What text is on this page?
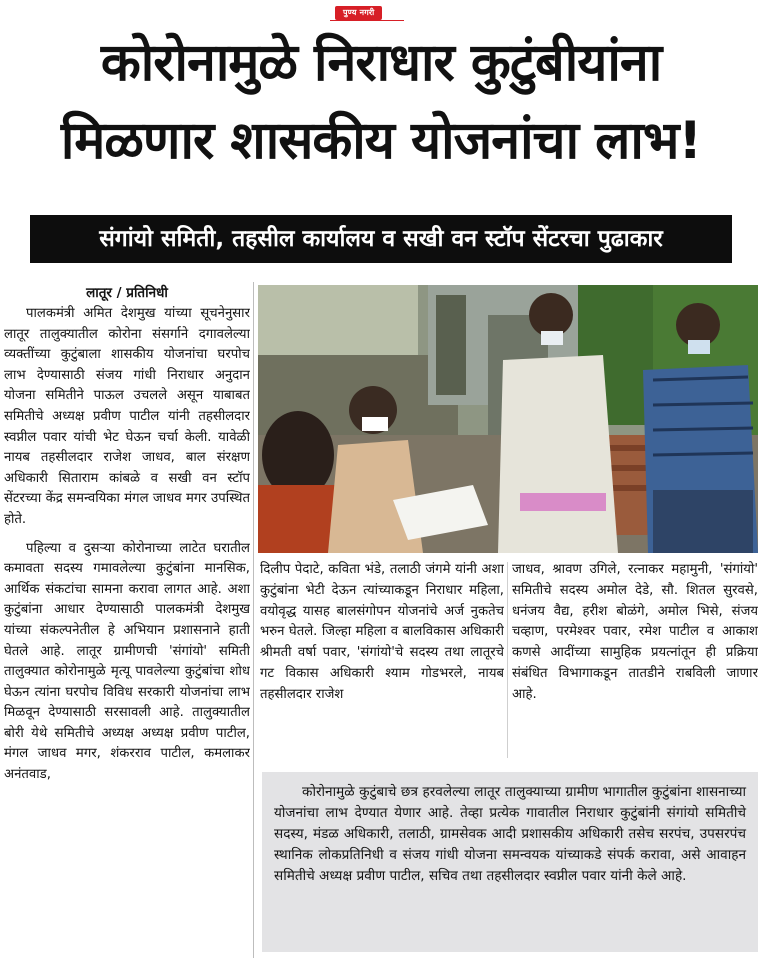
पुण्य नगरी
कोरोनामुळे निराधार कुटुंबीयांना
मिळणार शासकीय योजनांचा लाभ!
संगांयो समिती, तहसील कार्यालय व सखी वन स्टॉप सेंटरचा पुढाकार
लातूर / प्रतिनिधी

पालकमंत्री अमित देशमुख यांच्या सूचनेनुसार लातूर तालुक्यातील कोरोना संसर्गाने दगावलेल्या व्यक्तींच्या कुटुंबाला शासकीय योजनांचा घरपोच लाभ देण्यासाठी संजय गांधी निराधार अनुदान योजना समितीने पाऊल उचलले असून याबाबत समितीचे अध्यक्ष प्रवीण पाटील यांनी तहसीलदार स्वप्नील पवार यांची भेट घेऊन चर्चा केली. यावेळी नायब तहसीलदार राजेश जाधव, बाल संरक्षण अधिकारी सिताराम कांबळे व सखी वन स्टॉप सेंटरच्या केंद्र समन्वयिका मंगल जाधव मगर उपस्थित होते.

पहिल्या व दुसऱ्या कोरोनाच्या लाटेत घरातील कमावता सदस्य गमावलेल्या कुटुंबांना मानसिक, आर्थिक संकटांचा सामना करावा लागत आहे. अशा कुटुंबांना आधार देण्यासाठी पालकमंत्री देशमुख यांच्या संकल्पनेतील हे अभियान प्रशासनाने हाती घेतले आहे. लातूर ग्रामीणची 'संगांयो' समिती तालुक्यात कोरोनामुळे मृत्यू पावलेल्या कुटुंबांचा शोध घेऊन त्यांना घरपोच विविध सरकारी योजनांचा लाभ मिळवून देण्यासाठी सरसावली आहे. तालुक्यातील बोरी येथे समितीचे अध्यक्ष अध्यक्ष प्रवीण पाटील, मंगल जाधव मगर, शंकरराव पाटील, कमलाकर अनंतवाड,

दिलीप पेदाटे, कविता भंडे, तलाठी जंगमे यांनी अशा कुटुंबांना भेटी देऊन त्यांच्याकडून निराधार महिला, वयोवृद्ध यासह बालसंगोपन योजनांचे अर्ज नुकतेच भरुन घेतले. जिल्हा महिला व बालविकास अधिकारी श्रीमती वर्षा पवार, 'संगांयो'चे सदस्य तथा लातूरचे गट विकास अधिकारी श्याम गोडभरले, नायब तहसीलदार राजेश
जाधव, श्रावण उगिले, रत्नाकर महामुनी, 'संगांयो' समितीचे सदस्य अमोल देडे, सौ. शितल सुरवसे, धनंजय वैद्य, हरीश बोळंगे, अमोल भिसे, संजय चव्हाण, परमेश्वर पवार, रमेश पाटील व आकाश कणसे आदींच्या सामुहिक प्रयत्नांतून ही प्रक्रिया संबंधित विभागाकडून तातडीने राबविली जाणार आहे.

कोरोनामुळे कुटुंबाचे छत्र हरवलेल्या लातूर तालुक्याच्या ग्रामीण भागातील कुटुंबांना शासनाच्या योजनांचा लाभ देण्यात येणार आहे. तेव्हा प्रत्येक गावातील निराधार कुटुंबांनी संगांयो समितीचे सदस्य, मंडळ अधिकारी, तलाठी, ग्रामसेवक आदी प्रशासकीय अधिकारी तसेच सरपंच, उपसरपंच स्थानिक लोकप्रतिनिधी व संजय गांधी योजना समन्वयक यांच्याकडे संपर्क करावा, असे आवाहन समितीचे अध्यक्ष प्रवीण पाटील, सचिव तथा तहसीलदार स्वप्नील पवार यांनी केले आहे.
